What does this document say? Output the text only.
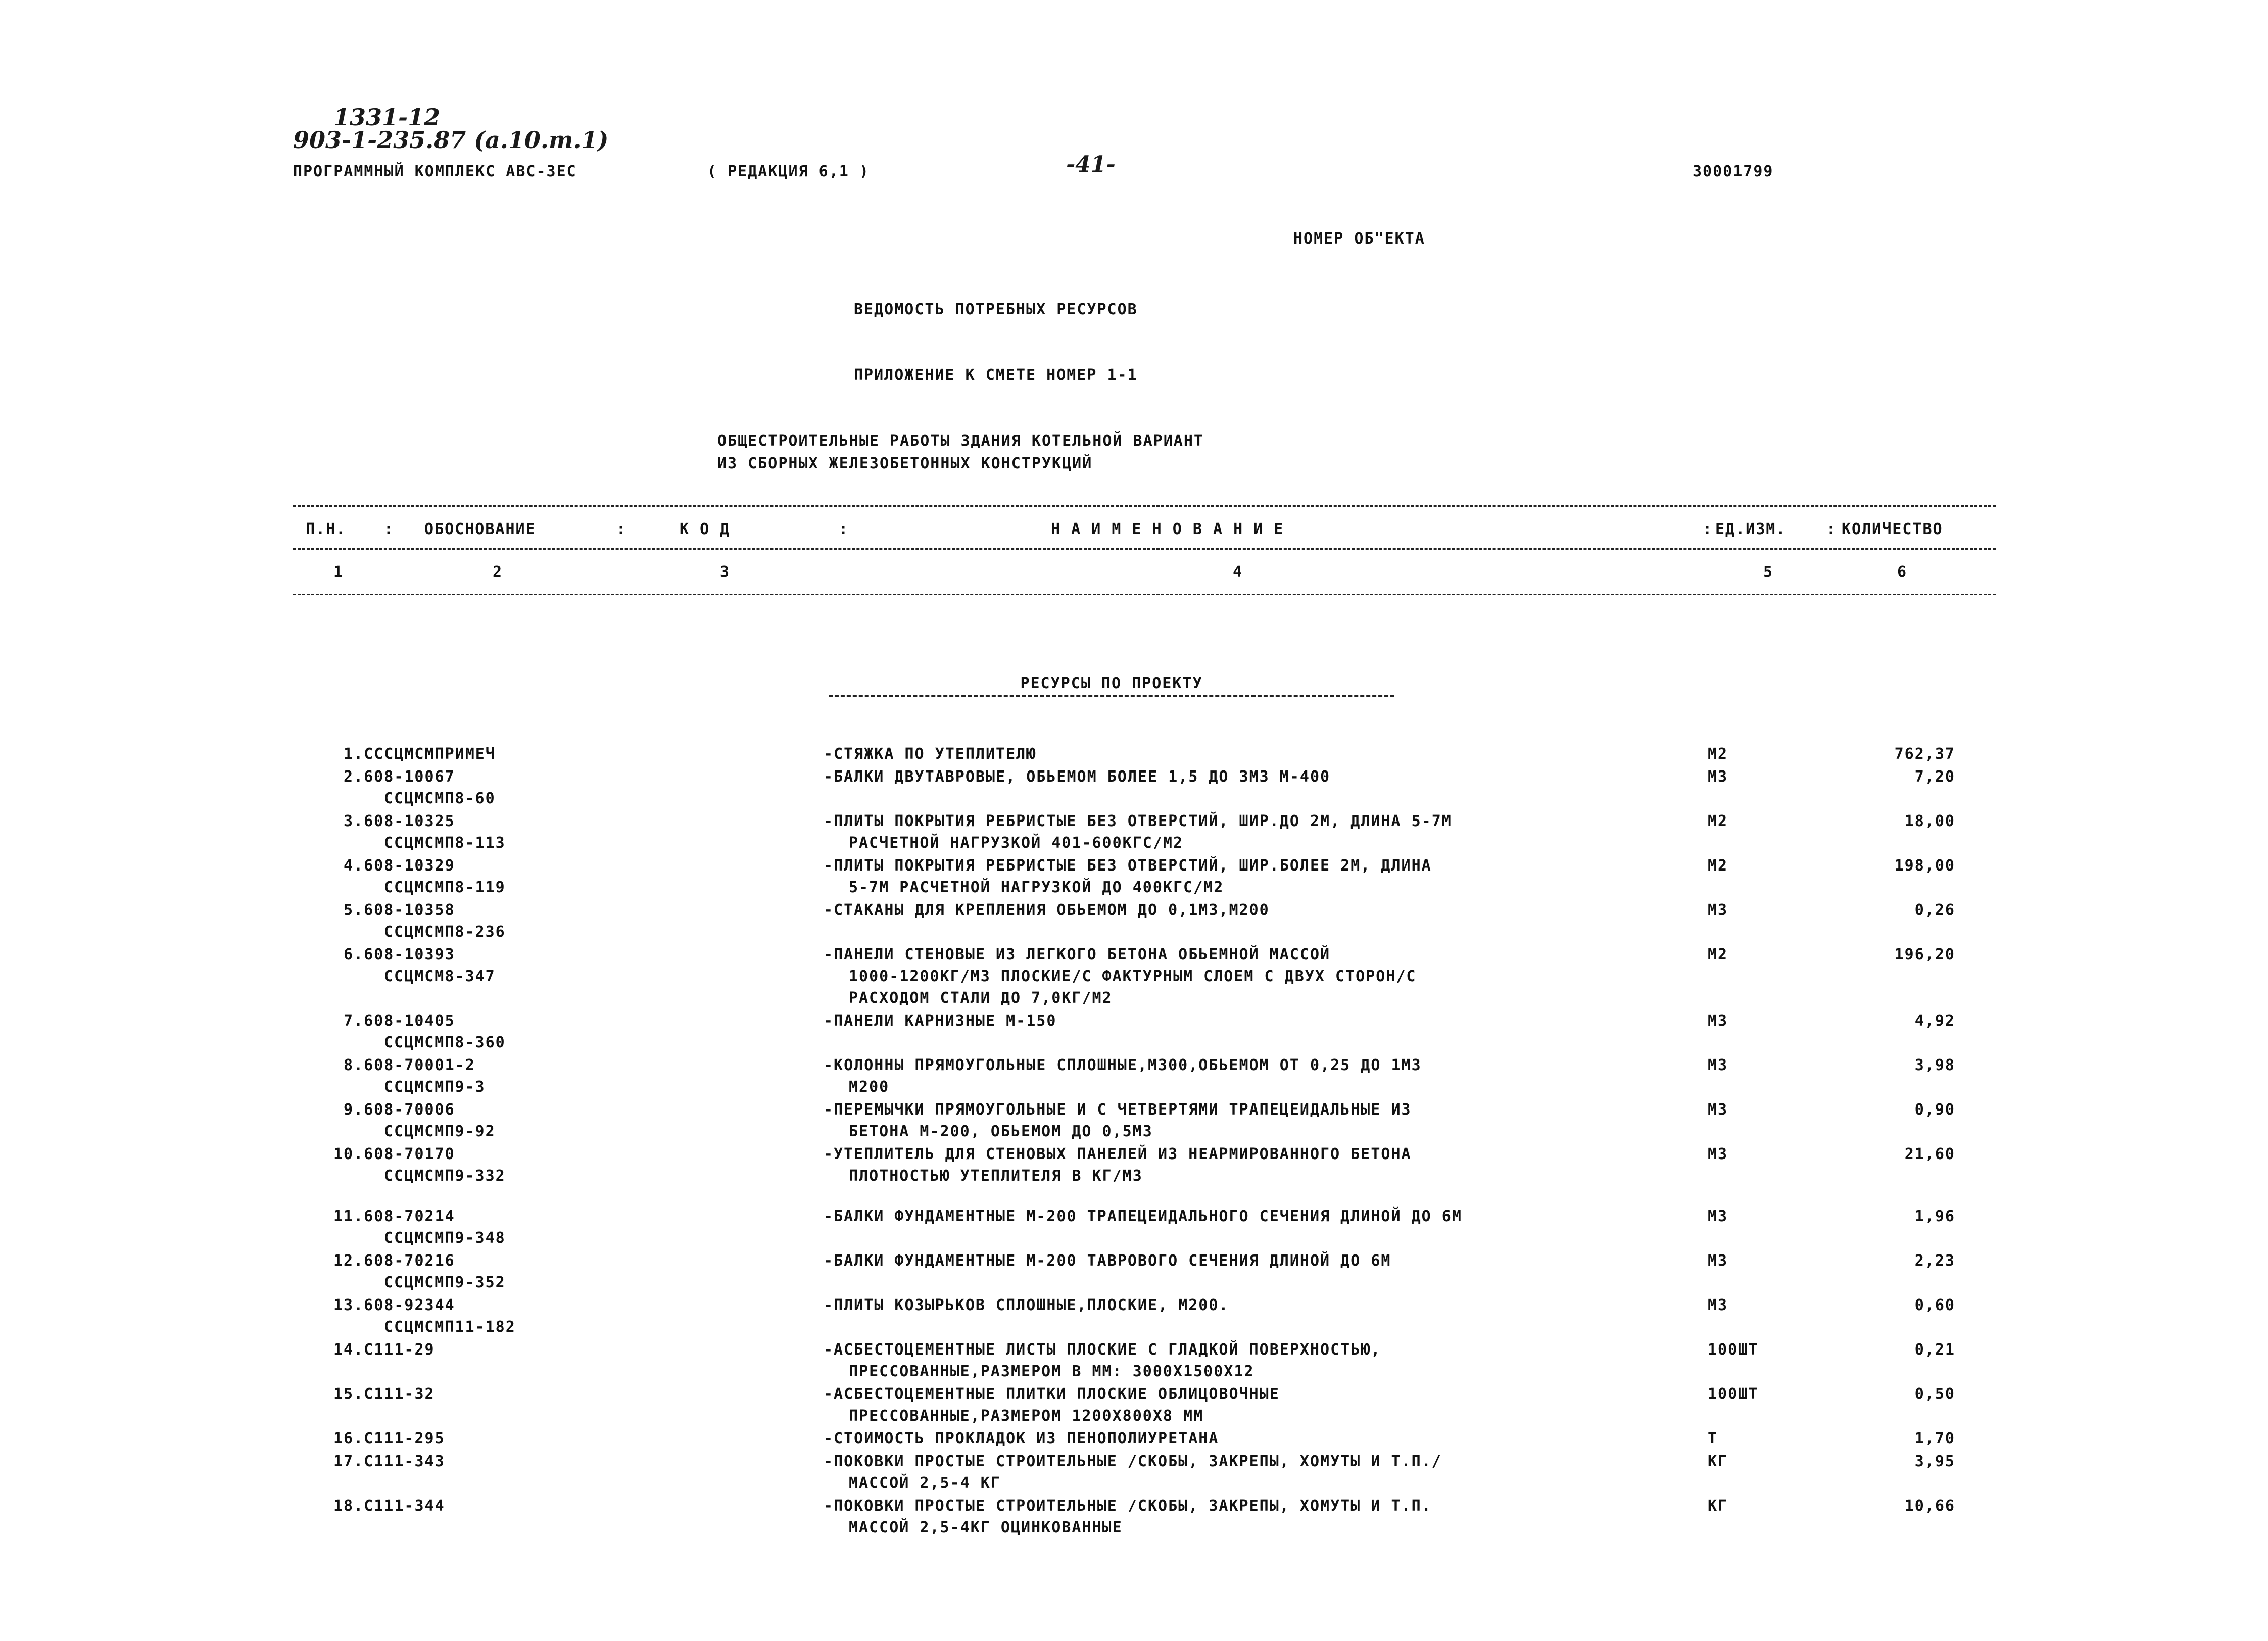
1331-12
903-1-235.87 (а.10.т.1)
-41-
ПРОГРАММНЫЙ КОМПЛЕКС АВС-3ЕС	( РЕДАКЦИЯ 6,1 )	30001799
НОМЕР ОБ"ЕКТА
ВЕДОМОСТЬ ПОТРЕБНЫХ РЕСУРСОВ
ПРИЛОЖЕНИЕ К СМЕТЕ НОМЕР 1-1
ОБЩЕСТРОИТЕЛЬНЫЕ РАБОТЫ ЗДАНИЯ КОТЕЛЬНОЙ ВАРИАНТ
ИЗ СБОРНЫХ ЖЕЛЕЗОБЕТОННЫХ КОНСТРУКЦИЙ
П.Н. : ОБОСНОВАНИЕ	:	К О Д	:	Н А И М Е Н О В А Н И Е	: ЕД.ИЗМ.	: КОЛИЧЕСТВО
1	2	3	4	5	6
РЕСУРСЫ ПО ПРОЕКТУ
1.СССЦМСМПРИМЕЧ	-СТЯЖКА ПО УТЕПЛИТЕЛЮ	М2	762,37
2.608-10067
ССЦМСМП8-60
-БАЛКИ ДВУТАВРОВЫЕ, ОБЬЕМОМ БОЛЕЕ 1,5 ДО 3М3 М-400	М3	7,20
3.608-10325
ССЦМСМП8-113
-ПЛИТЫ ПОКРЫТИЯ РЕБРИСТЫЕ БЕЗ ОТВЕРСТИЙ, ШИР.ДО 2М, ДЛИНА 5-7М
РАСЧЕТНОЙ НАГРУЗКОЙ 401-600КГС/М2
М2	18,00
4.608-10329
ССЦМСМП8-119
-ПЛИТЫ ПОКРЫТИЯ РЕБРИСТЫЕ БЕЗ ОТВЕРСТИЙ, ШИР.БОЛЕЕ 2М, ДЛИНА
5-7М РАСЧЕТНОЙ НАГРУЗКОЙ ДО 400КГС/М2
М2	198,00
5.608-10358
ССЦМСМП8-236
-СТАКАНЫ ДЛЯ КРЕПЛЕНИЯ ОБЬЕМОМ ДО 0,1М3,М200	М3	0,26
6.608-10393
ССЦМСМ8-347
-ПАНЕЛИ СТЕНОВЫЕ ИЗ ЛЕГКОГО БЕТОНА ОБЬЕМНОЙ МАССОЙ
1000-1200КГ/М3 ПЛОСКИЕ/С ФАКТУРНЫМ СЛОЕМ С ДВУХ СТОРОН/С
РАСХОДОМ СТАЛИ ДО 7,0КГ/М2
М2	196,20
7.608-10405
ССЦМСМП8-360
-ПАНЕЛИ КАРНИЗНЫЕ М-150	М3	4,92
8.608-70001-2
ССЦМСМП9-3
-КОЛОННЫ ПРЯМОУГОЛЬНЫЕ СПЛОШНЫЕ,М300,ОБЬЕМОМ ОТ 0,25 ДО 1М3
М200
М3	3,98
9.608-70006
ССЦМСМП9-92
-ПЕРЕМЫЧКИ ПРЯМОУГОЛЬНЫЕ И С ЧЕТВЕРТЯМИ ТРАПЕЦЕИДАЛЬНЫЕ ИЗ
БЕТОНА М-200, ОБЬЕМОМ ДО 0,5М3
М3	0,90
10.608-70170
ССЦМСМП9-332
-УТЕПЛИТЕЛЬ ДЛЯ СТЕНОВЫХ ПАНЕЛЕЙ ИЗ НЕАРМИРОВАННОГО БЕТОНА
ПЛОТНОСТЬЮ УТЕПЛИТЕЛЯ В КГ/М3
М3	21,60
11.608-70214
ССЦМСМП9-348
-БАЛКИ ФУНДАМЕНТНЫЕ М-200 ТРАПЕЦЕИДАЛЬНОГО СЕЧЕНИЯ ДЛИНОЙ ДО 6М	М3	1,96
12.608-70216
ССЦМСМП9-352
-БАЛКИ ФУНДАМЕНТНЫЕ М-200 ТАВРОВОГО СЕЧЕНИЯ ДЛИНОЙ ДО 6М	М3	2,23
13.608-92344
ССЦМСМП11-182
-ПЛИТЫ КОЗЫРЬКОВ СПЛОШНЫЕ,ПЛОСКИЕ, М200.	М3	0,60
14.С111-29	-АСБЕСТОЦЕМЕНТНЫЕ ЛИСТЫ ПЛОСКИЕ С ГЛАДКОЙ ПОВЕРХНОСТЬЮ,
ПРЕССОВАННЫЕ,РАЗМЕРОМ В ММ: 3000Х1500Х12
100ШТ	0,21
15.С111-32	-АСБЕСТОЦЕМЕНТНЫЕ ПЛИТКИ ПЛОСКИЕ ОБЛИЦОВОЧНЫЕ
ПРЕССОВАННЫЕ,РАЗМЕРОМ 1200Х800Х8 ММ
100ШТ	0,50
16.С111-295	-СТОИМОСТЬ ПРОКЛАДОК ИЗ ПЕНОПОЛИУРЕТАНА	Т	1,70
17.С111-343	-ПОКОВКИ ПРОСТЫЕ СТРОИТЕЛЬНЫЕ /СКОБЫ, ЗАКРЕПЫ, ХОМУТЫ И Т.П./
МАССОЙ 2,5-4 КГ
КГ	3,95
18.С111-344	-ПОКОВКИ ПРОСТЫЕ СТРОИТЕЛЬНЫЕ /СКОБЫ, ЗАКРЕПЫ, ХОМУТЫ И Т.П.
МАССОЙ 2,5-4КГ ОЦИНКОВАННЫЕ
КГ	10,66
